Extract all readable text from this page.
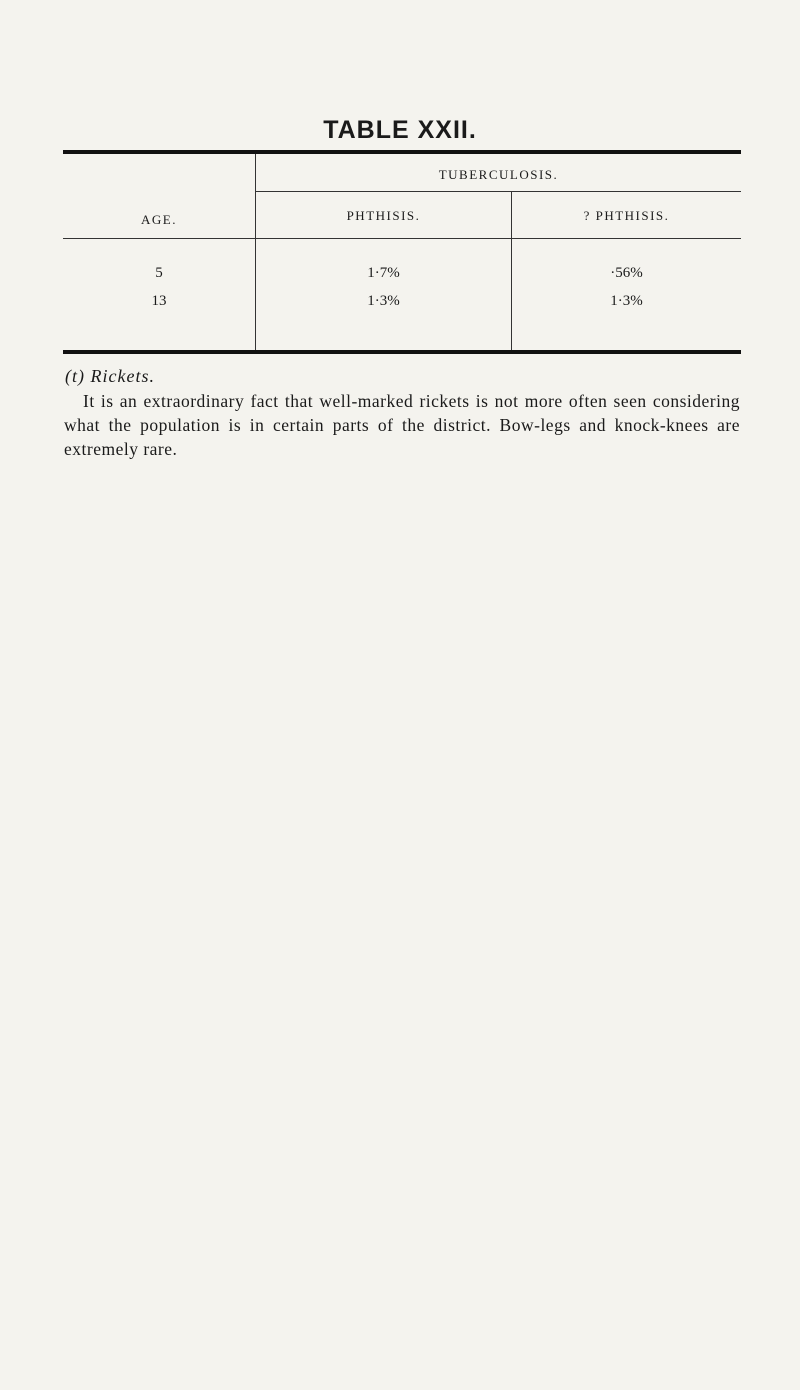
TABLE XXII.
AGE.
TUBERCULOSIS.
PHTHISIS.	? PHTHISIS.
5	1·7%	·56%
13	1·3%	1·3%
(t) Rickets.

It is an extraordinary fact that well-marked rickets is not more often seen considering what the population is in certain parts of the district. Bow-legs and knock-knees are extremely rare.
